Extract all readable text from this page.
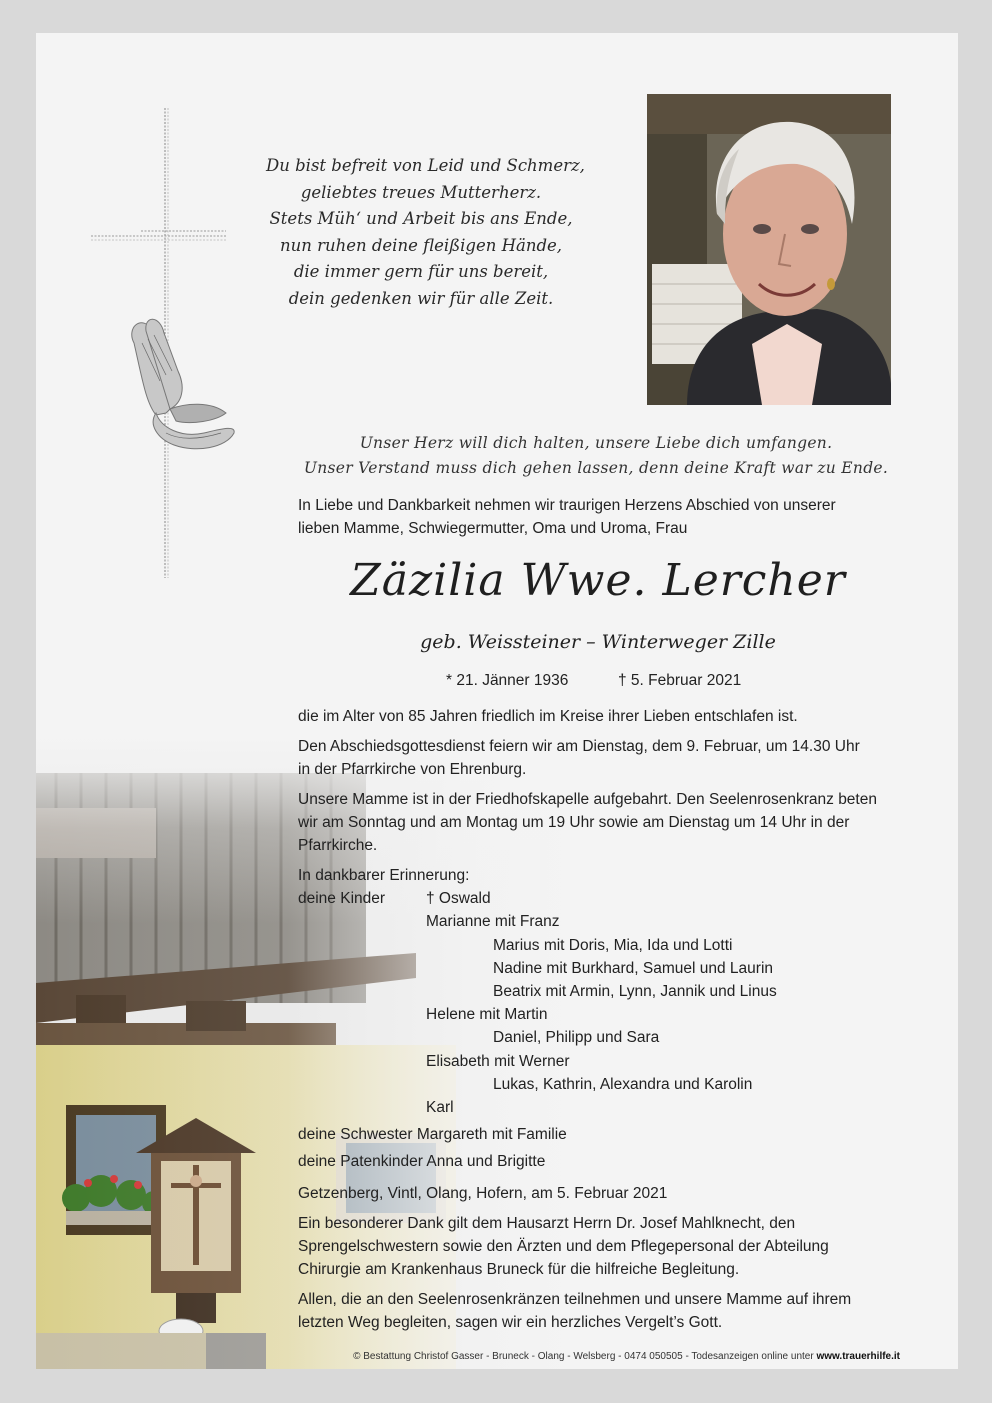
Du bist befreit von Leid und Schmerz,
geliebtes treues Mutterherz.
Stets Müh‘ und Arbeit bis ans Ende,
nun ruhen deine fleißigen Hände,
die immer gern für uns bereit,
dein gedenken wir für alle Zeit.
Unser Herz will dich halten, unsere Liebe dich umfangen.
Unser Verstand muss dich gehen lassen, denn deine Kraft war zu Ende.
In Liebe und Dankbarkeit nehmen wir traurigen Herzens Abschied von unserer
lieben Mamme, Schwiegermutter, Oma und Uroma, Frau
Zäzilia Wwe. Lercher
geb. Weissteiner – Winterweger Zille
* 21. Jänner 1936	† 5. Februar 2021

die im Alter von 85 Jahren friedlich im Kreise ihrer Lieben entschlafen ist.

Den Abschiedsgottesdienst feiern wir am Dienstag, dem 9. Februar, um 14.30 Uhr
in der Pfarrkirche von Ehrenburg.

Unsere Mamme ist in der Friedhofskapelle aufgebahrt. Den Seelenrosenkranz beten
wir am Sonntag und am Montag um 19 Uhr sowie am Dienstag um 14 Uhr in der
Pfarrkirche.

In dankbarer Erinnerung:
deine Kinder	† Oswald
Marianne mit Franz
Marius mit Doris, Mia, Ida und Lotti
Nadine mit Burkhard, Samuel und Laurin
Beatrix mit Armin, Lynn, Jannik und Linus
Helene mit Martin
Daniel, Philipp und Sara
Elisabeth mit Werner
Lukas, Kathrin, Alexandra und Karolin
Karl
deine Schwester Margareth mit Familie
deine Patenkinder Anna und Brigitte

Getzenberg, Vintl, Olang, Hofern, am 5. Februar 2021

Ein besonderer Dank gilt dem Hausarzt Herrn Dr. Josef Mahlknecht, den
Sprengelschwestern sowie den Ärzten und dem Pflegepersonal der Abteilung
Chirurgie am Krankenhaus Bruneck für die hilfreiche Begleitung.

Allen, die an den Seelenrosenkränzen teilnehmen und unsere Mamme auf ihrem
letzten Weg begleiten, sagen wir ein herzliches Vergelt’s Gott.

© Bestattung Christof Gasser - Bruneck - Olang - Welsberg - 0474 050505 - Todesanzeigen online unter www.trauerhilfe.it
